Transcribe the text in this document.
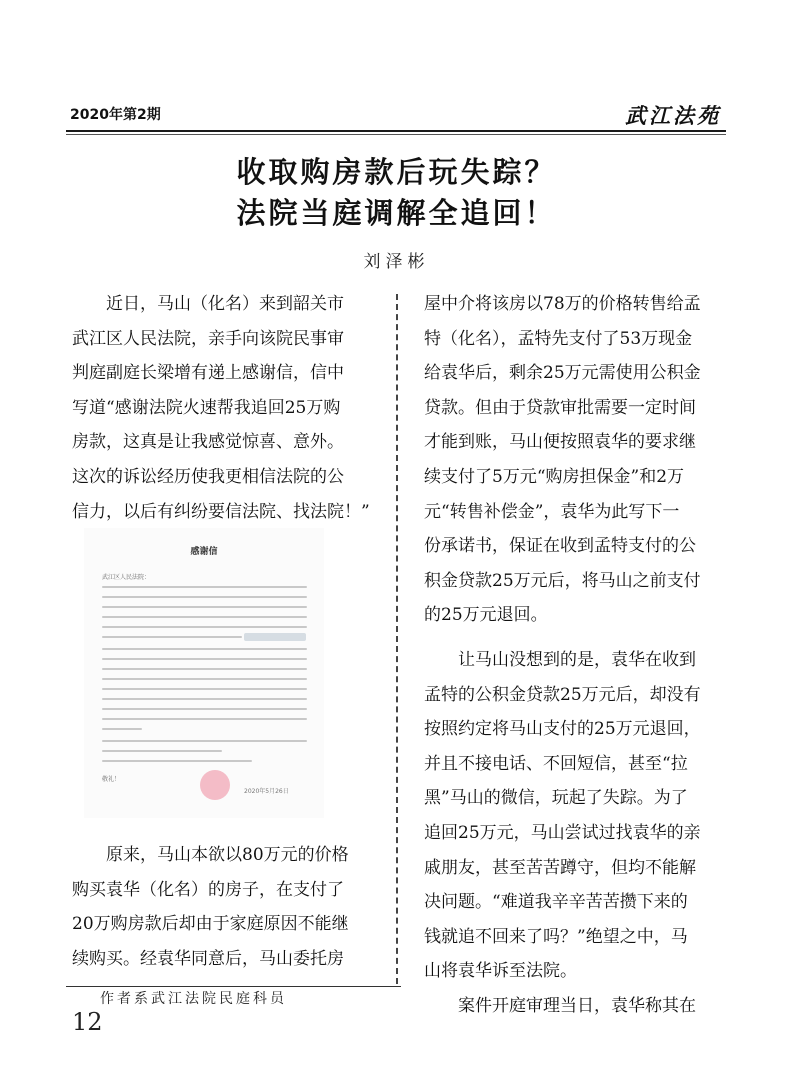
2020年第2期	武江法苑
收取购房款后玩失踪？
法院当庭调解全追回！
刘泽彬

近日，马山（化名）来到韶关市

武江区人民法院，亲手向该院民事审

判庭副庭长梁增有递上感谢信，信中

写道“感谢法院火速帮我追回25万购

房款，这真是让我感觉惊喜、意外。

这次的诉讼经历使我更相信法院的公

信力，以后有纠纷要信法院、找法院！”

感谢信
武江区人民法院：
敬礼！
2020年5月26日

原来，马山本欲以80万元的价格

购买袁华（化名）的房子，在支付了

20万购房款后却由于家庭原因不能继

续购买。经袁华同意后，马山委托房

屋中介将该房以78万的价格转售给孟

特（化名），孟特先支付了53万现金

给袁华后，剩余25万元需使用公积金

贷款。但由于贷款审批需要一定时间

才能到账，马山便按照袁华的要求继

续支付了5万元“购房担保金”和2万

元“转售补偿金”，袁华为此写下一

份承诺书，保证在收到孟特支付的公

积金贷款25万元后，将马山之前支付

的25万元退回。

让马山没想到的是，袁华在收到

孟特的公积金贷款25万元后，却没有

按照约定将马山支付的25万元退回，

并且不接电话、不回短信，甚至“拉

黑”马山的微信，玩起了失踪。为了

追回25万元，马山尝试过找袁华的亲

戚朋友，甚至苦苦蹲守，但均不能解

决问题。“难道我辛辛苦苦攒下来的

钱就追不回来了吗？”绝望之中，马

山将袁华诉至法院。

案件开庭审理当日，袁华称其在

作者系武江法院民庭科员
12
